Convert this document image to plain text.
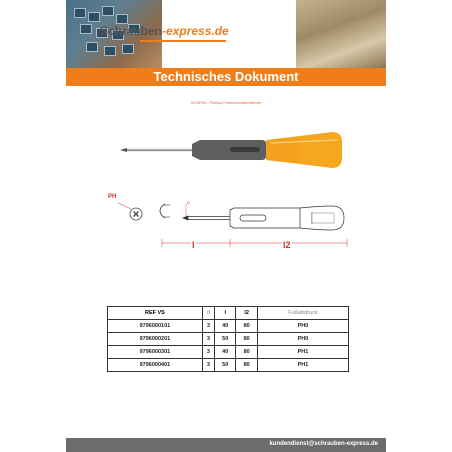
Schrauben-express.de
Technisches Dokument
VOSPIN - Phillips Feinschraubendreher
PH
D
l	l2
REF VS	d	l	l2	Fußabdruck
9796000101	3	40	80	PH0
9796000201	3	50	80	PH0
9796000301	3	40	80	PH1
9796000401	3	50	80	PH1
kundendienst@schrauben-express.de
